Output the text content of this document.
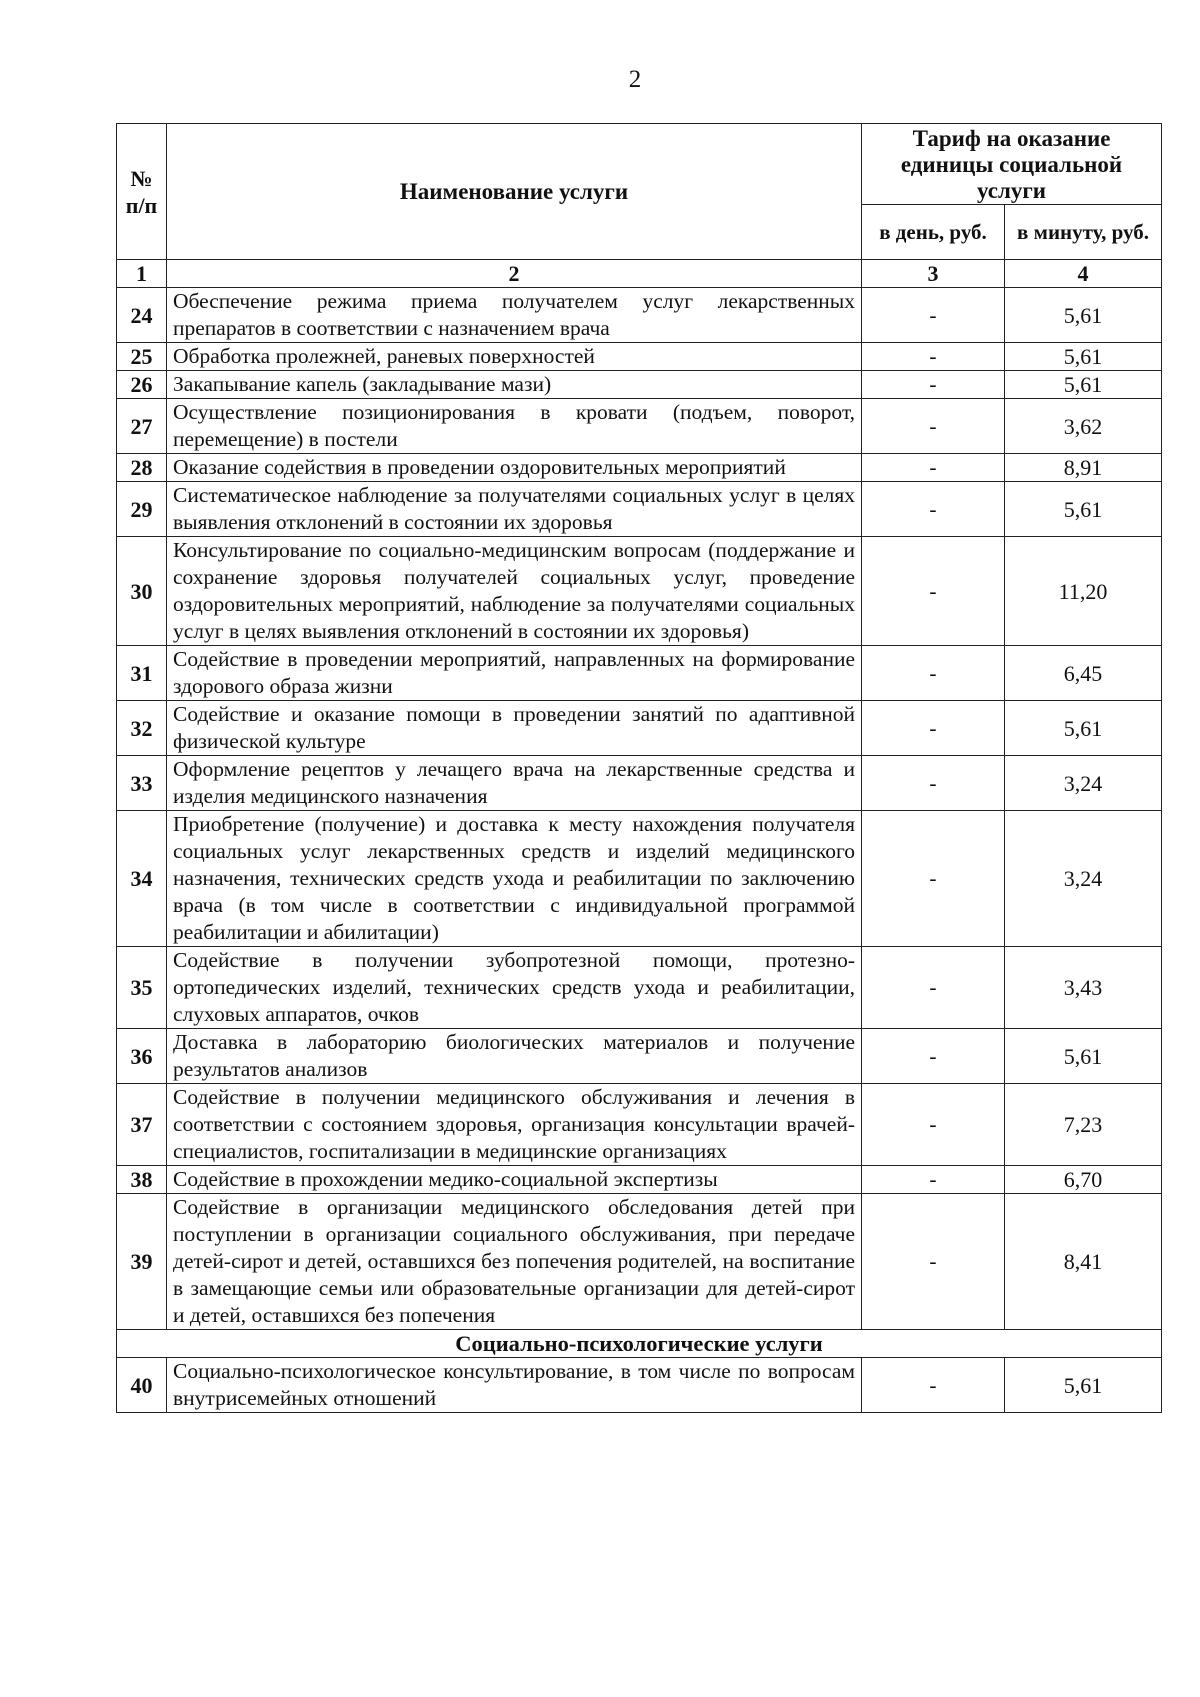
2
№ п/п	Наименование услуги	Тариф на оказание единицы социальной услуги	
		в день, руб.	в минуту, руб.
1	2	3	4
24	Обеспечение режима приема получателем услуг лекарственных препаратов в соответствии с назначением врача	-	5,61
25	Обработка пролежней, раневых поверхностей	-	5,61
26	Закапывание капель (закладывание мази)	-	5,61
27	Осуществление позиционирования в кровати (подъем, поворот, перемещение) в постели	-	3,62
28	Оказание содействия в проведении оздоровительных мероприятий	-	8,91
29	Систематическое наблюдение за получателями социальных услуг в целях выявления отклонений в состоянии их здоровья	-	5,61
30	Консультирование по социально-медицинским вопросам (поддержание и сохранение здоровья получателей социальных услуг, проведение оздоровительных мероприятий, наблюдение за получателями социальных услуг в целях выявления отклонений в состоянии их здоровья)	-	11,20
31	Содействие в проведении мероприятий, направленных на формирование здорового образа жизни	-	6,45
32	Содействие и оказание помощи в проведении занятий по адаптивной физической культуре	-	5,61
33	Оформление рецептов у лечащего врача на лекарственные средства и изделия медицинского назначения	-	3,24
34	Приобретение (получение) и доставка к месту нахождения получателя социальных услуг лекарственных средств и изделий медицинского назначения, технических средств ухода и реабилитации по заключению врача (в том числе в соответствии с индивидуальной программой реабилитации и абилитации)	-	3,24
35	Содействие в получении зубопротезной помощи, протезно-ортопедических изделий, технических средств ухода и реабилитации, слуховых аппаратов, очков	-	3,43
36	Доставка в лабораторию биологических материалов и получение результатов анализов	-	5,61
37	Содействие в получении медицинского обслуживания и лечения в соответствии с состоянием здоровья, организация консультации врачей-специалистов, госпитализации в медицинские организациях	-	7,23
38	Содействие в прохождении медико-социальной экспертизы	-	6,70
39	Содействие в организации медицинского обследования детей при поступлении в организации социального обслуживания, при передаче детей-сирот и детей, оставшихся без попечения родителей, на воспитание в замещающие семьи или образовательные организации для детей-сирот и детей, оставшихся без попечения	-	8,41
Социально-психологические услуги			
40	Социально-психологическое консультирование, в том числе по вопросам внутрисемейных отношений	-	5,61
